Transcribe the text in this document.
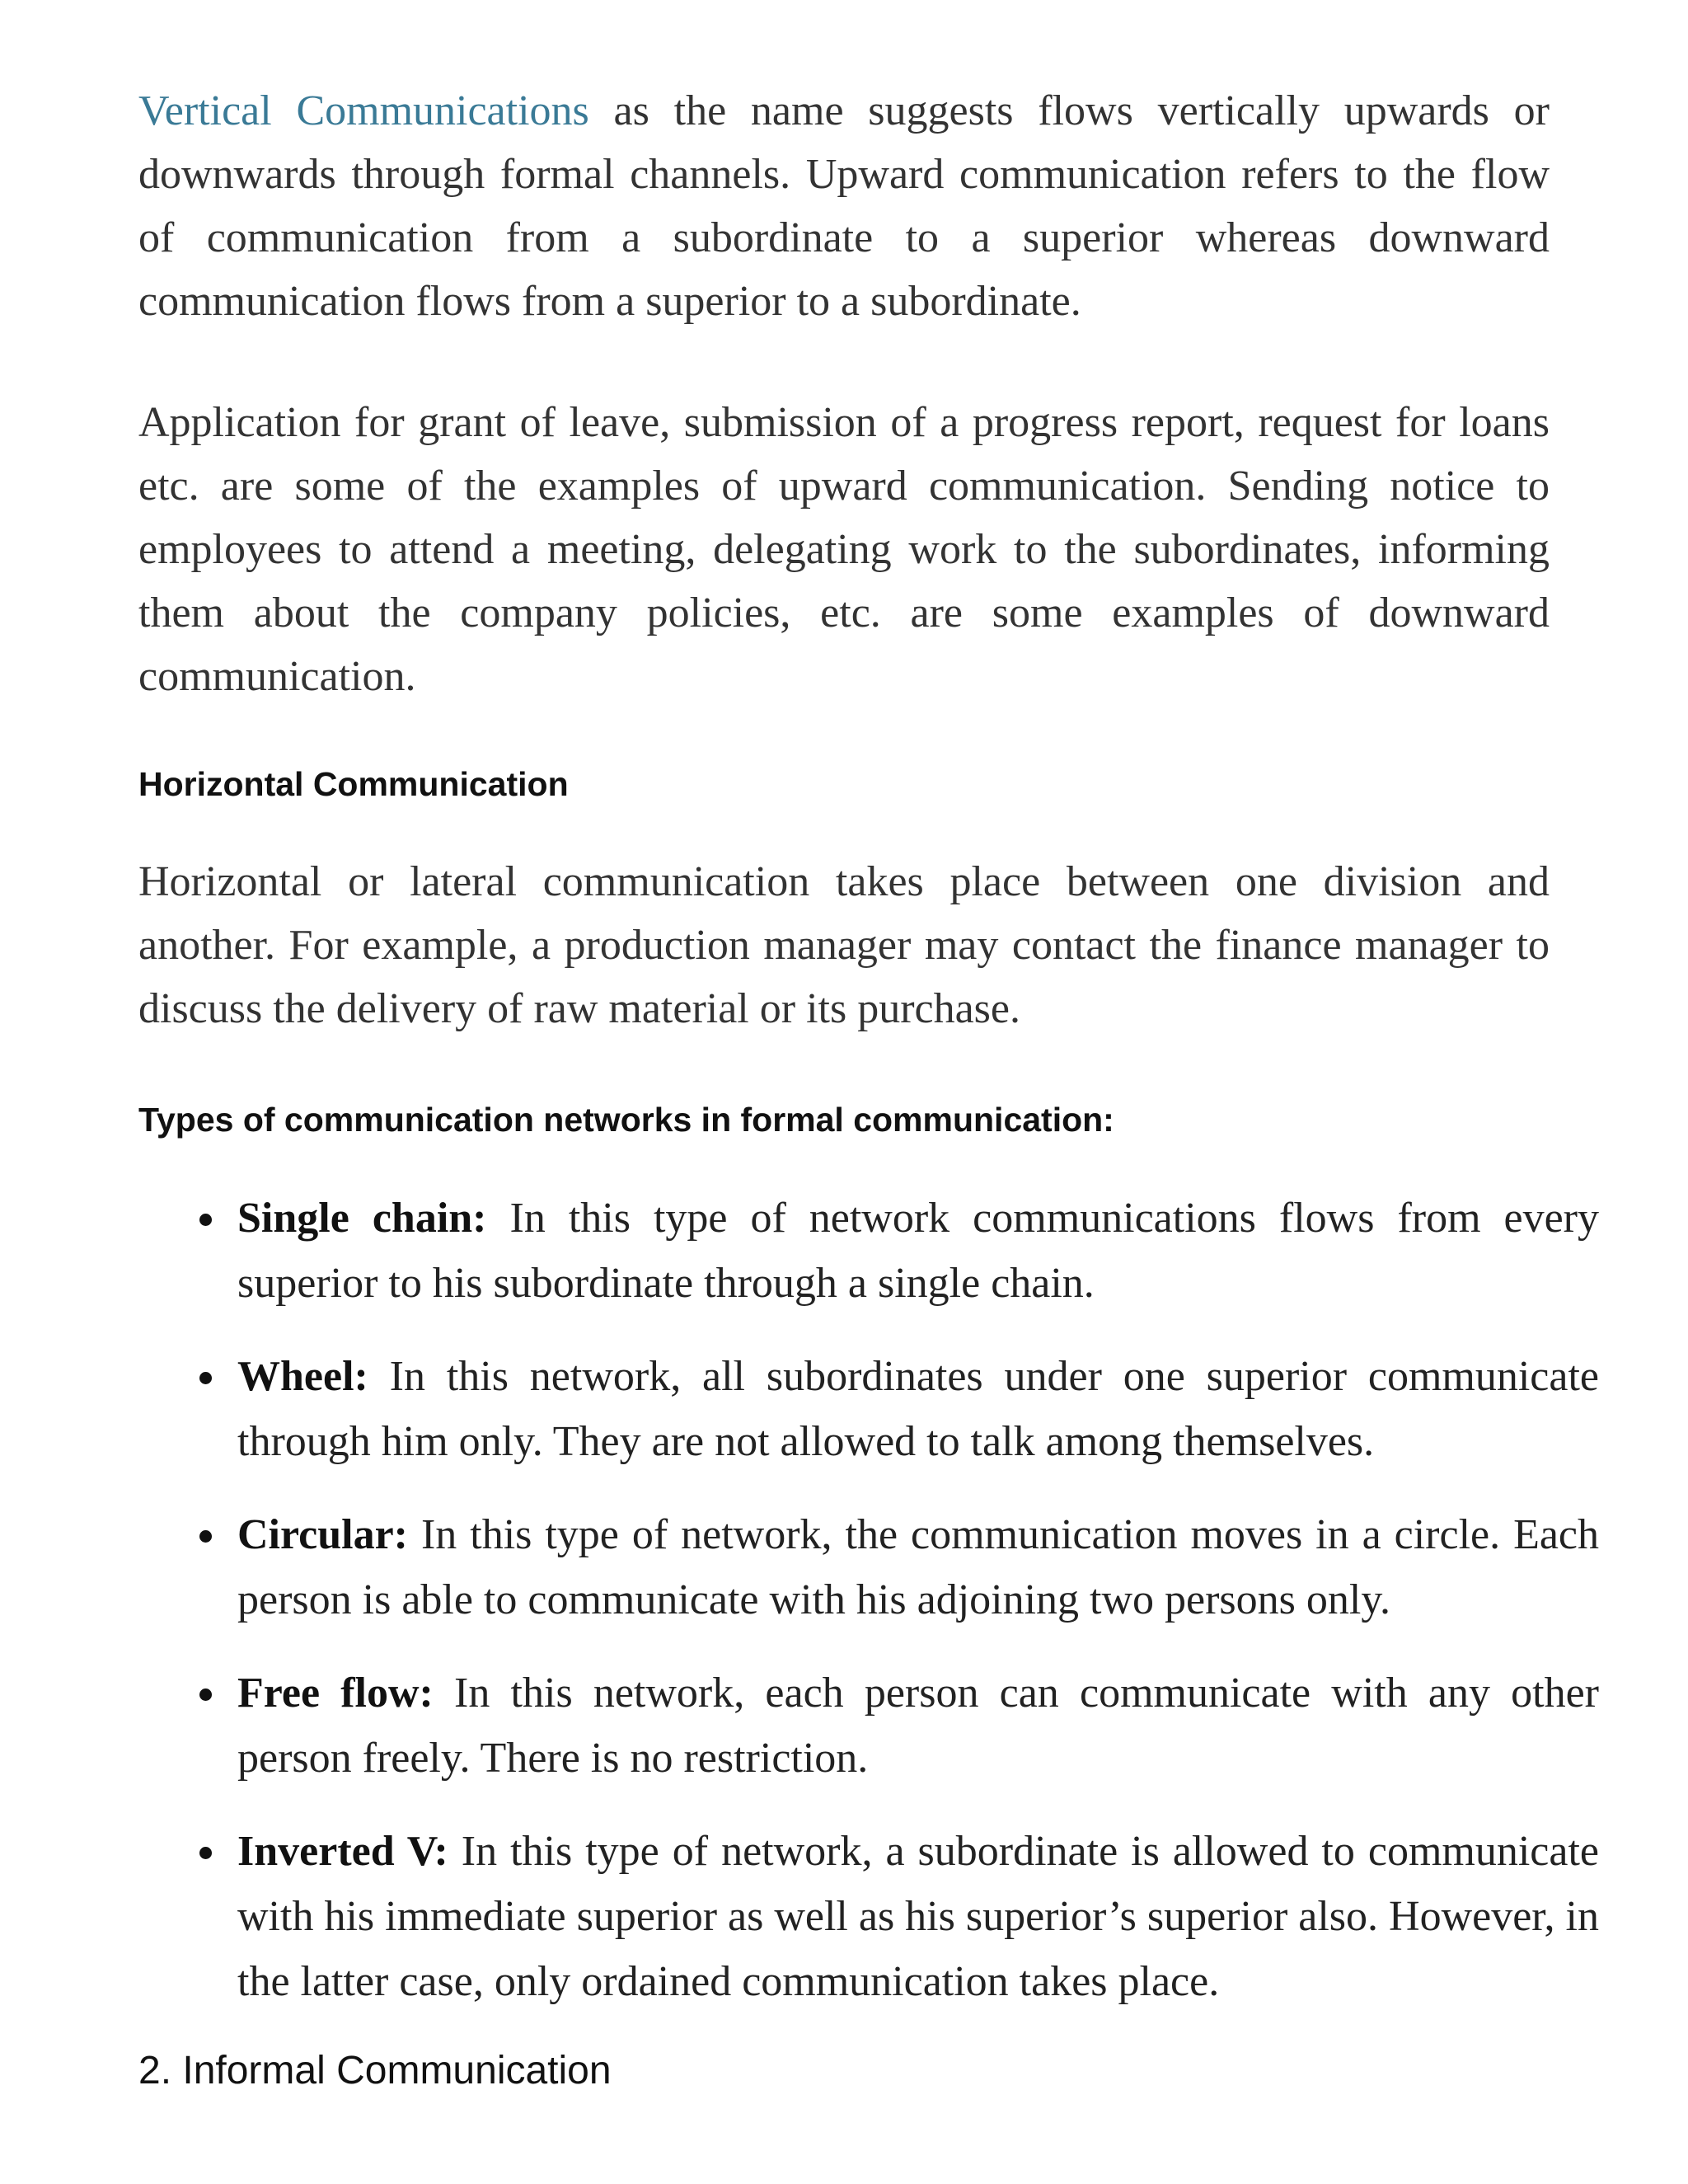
Vertical Communications as the name suggests flows vertically upwards or downwards through formal channels. Upward communication refers to the flow of communication from a subordinate to a superior whereas downward communication flows from a superior to a subordinate.

Application for grant of leave, submission of a progress report, request for loans etc. are some of the examples of upward communication. Sending notice to employees to attend a meeting, delegating work to the subordinates, informing them about the company policies, etc. are some examples of downward communication.

Horizontal Communication

Horizontal or lateral communication takes place between one division and another. For example, a production manager may contact the finance manager to discuss the delivery of raw material or its purchase.

Types of communication networks in formal communication:
Single chain: In this type of network communications flows from every superior to his subordinate through a single chain.
Wheel: In this network, all subordinates under one superior communicate through him only. They are not allowed to talk among themselves.
Circular: In this type of network, the communication moves in a circle. Each person is able to communicate with his adjoining two persons only.
Free flow: In this network, each person can communicate with any other person freely. There is no restriction.
Inverted V: In this type of network, a subordinate is allowed to communicate with his immediate superior as well as his superior’s superior also. However, in the latter case, only ordained communication takes place.
2. Informal Communication
